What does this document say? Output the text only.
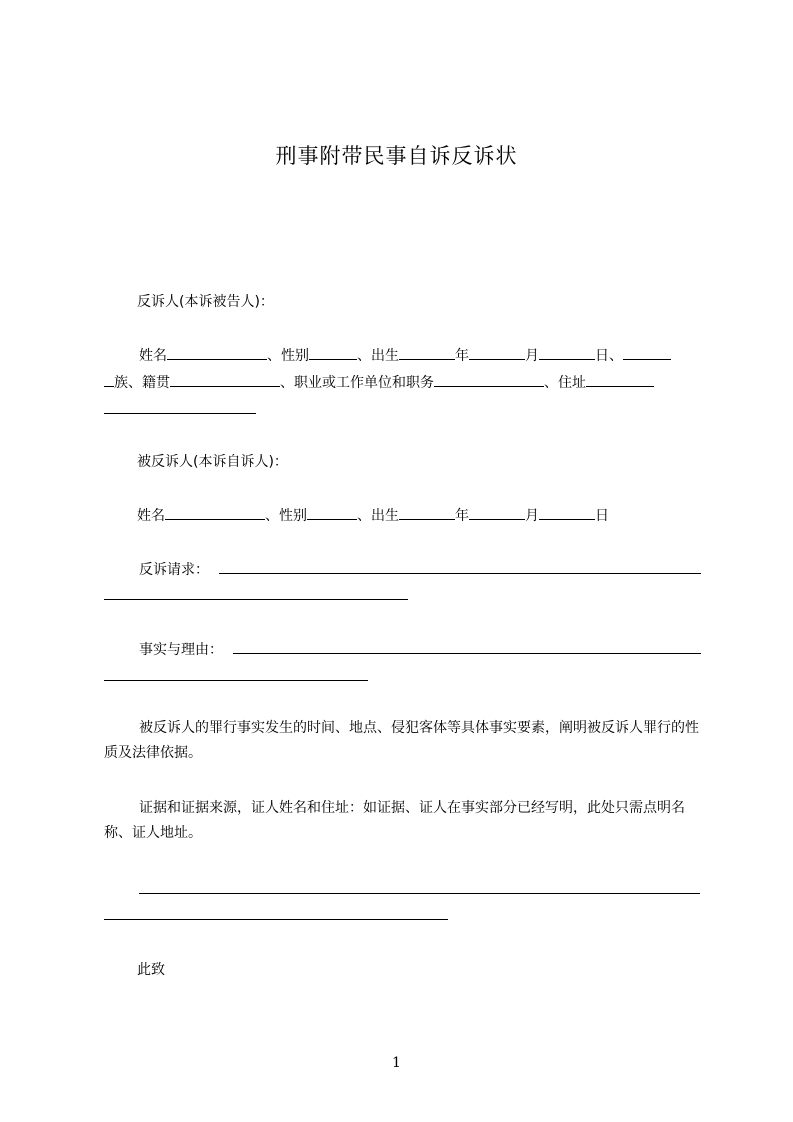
刑事附带民事自诉反诉状
反诉人(本诉被告人)：
姓名	、性别	、出生	年	月	日、
族、籍贯	、职业或工作单位和职务	、住址
被反诉人(本诉自诉人)：
姓名	、性别	、出生	年	月	日
反诉请求：
事实与理由：
被反诉人的罪行事实发生的时间、地点、侵犯客体等具体事实要素，阐明被反诉人罪行的性质及法律依据。
证据和证据来源，证人姓名和住址：如证据、证人在事实部分已经写明，此处只需点明名称、证人地址。
此致
1
